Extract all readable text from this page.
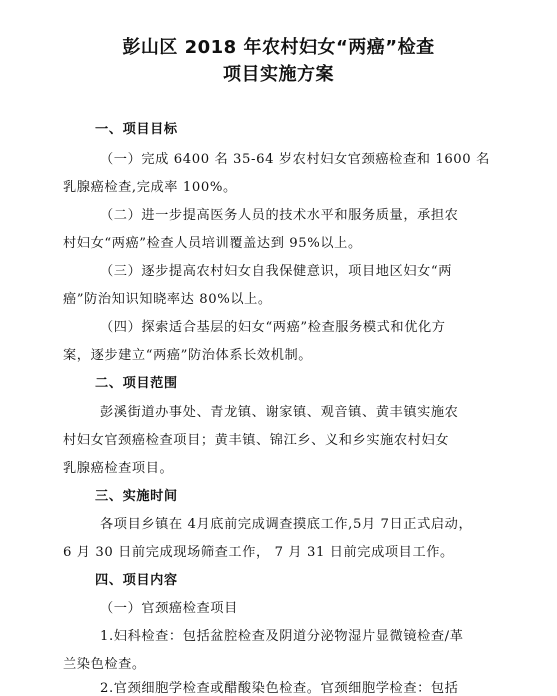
彭山区 2018 年农村妇女“两癌”检查
项目实施方案
一、项目目标
（一）完成 6400 名 35-64 岁农村妇女官颈癌检查和 1600 名
乳腺癌检查,完成率 100%。
（二）进一步提高医务人员的技术水平和服务质量，承担农
村妇女“两癌”检查人员培训覆盖达到 95%以上。
（三）逐步提高农村妇女自我保健意识，项目地区妇女“两
癌”防治知识知晓率达 80%以上。
（四）探索适合基层的妇女“两癌”检查服务模式和优化方
案，逐步建立“两癌”防治体系长效机制。
二、项目范围
彭溪街道办事处、青龙镇、谢家镇、观音镇、黄丰镇实施农
村妇女官颈癌检查项目；黄丰镇、锦江乡、义和乡实施农村妇女
乳腺癌检查项目。
三、实施时间
各项目乡镇在 4月底前完成调查摸底工作,5月 7日正式启动，
6 月 30 日前完成现场筛查工作， 7 月 31 日前完成项目工作。
四、项目内容
（一）官颈癌检查项目
1.妇科检查：包括盆腔检查及阴道分泌物湿片显微镜检查/革
兰染色检查。
2.官颈细胞学检查或醋酸染色检查。官颈细胞学检查：包括
